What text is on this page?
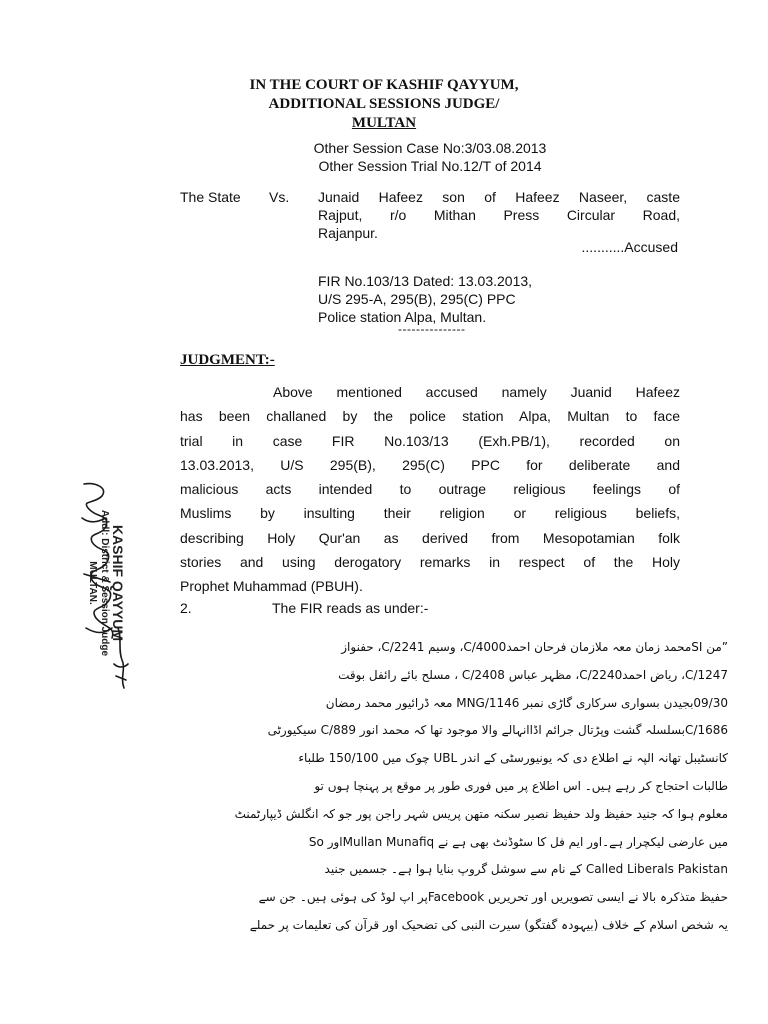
IN THE COURT OF KASHIF QAYYUM,
ADDITIONAL SESSIONS JUDGE/
MULTAN
Other Session Case No:3/03.08.2013
Other Session Trial No.12/T of 2014
The State Vs. Junaid Hafeez son of Hafeez Naseer, caste
Rajput, r/o Mithan Press Circular Road,
Rajanpur.
...........Accused
FIR No.103/13 Dated: 13.03.2013,
U/S 295-A, 295(B), 295(C) PPC
Police station Alpa, Multan.
---------------
JUDGMENT:-
Above mentioned accused namely Juanid Hafeez
has been challaned by the police station Alpa, Multan to face
trial in case FIR No.103/13 (Exh.PB/1), recorded on
13.03.2013, U/S 295(B), 295(C) PPC for deliberate and
malicious acts intended to outrage religious feelings of
Muslims by insulting their religion or religious beliefs,
describing Holy Qur'an as derived from Mesopotamian folk
stories and using derogatory remarks in respect of the Holy
Prophet Muhammad (PBUH).
2.	The FIR reads as under:-
”من SIمحمد زمان معہ ملازمان فرحان احمد4000/C، وسیم 2241/C، حفنواز
1247/C، ریاض احمد2240/C، مظہر عباس 2408/C ، مسلح بائے رائفل بوقت
09/30بجیدن بسواری سرکاری گاڑی نمبر MNG/1146 معہ ڈرائیور محمد رمضان
1686/Cبسلسلہ گشت وپڑتال جرائم اڈاانہالے والا موجود تھا کہ محمد انور 889/C سیکیورٹی
کانسٹیبل تھانہ الپہ نے اطلاع دی کہ یونیورسٹی کے اندر UBL چوک میں 150/100 طلباء
طالبات احتجاج کر رہے ہیں۔ اس اطلاع پر میں فوری طور پر موقع پر پہنچا ہوں تو
معلوم ہوا کہ جنید حفیظ ولد حفیظ نصیر سکنہ متھن پریس شہر راجن پور جو کہ انگلش ڈیپارٹمنٹ
میں عارضی لیکچرار ہے۔اور ایم فل کا سٹوڈنٹ بھی ہے نے Mullan Munafiqاور So
Called Liberals Pakistan کے نام سے سوشل گروپ بنایا ہوا ہے۔ جسمیں جنید
حفیظ متذکرہ بالا نے ایسی تصویریں اور تحریریں Facebookپر اپ لوڈ کی ہوئی ہیں۔ جن سے
یہ شخص اسلام کے خلاف (بیہودہ گفتگو) سیرت النبی کی تضحیک اور قرآن کی تعلیمات پر حملے
KASHIF QAYYUM
Addl: District & Session Judge
MULTAN.
